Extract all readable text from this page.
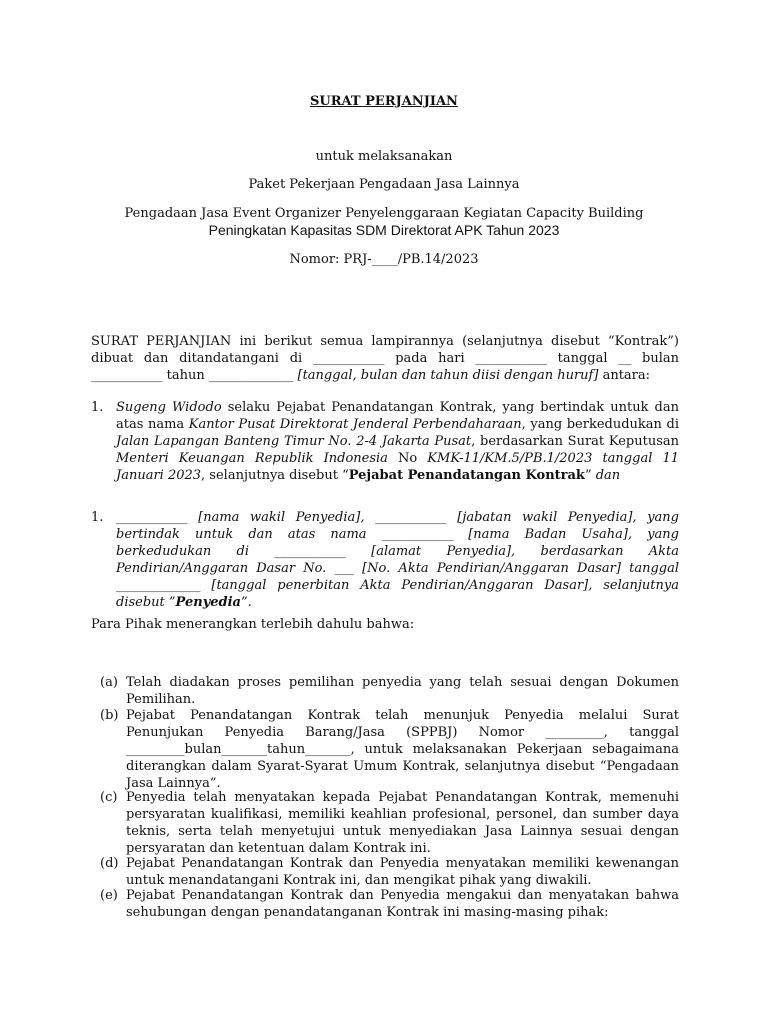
SURAT PERJANJIAN
untuk melaksanakan
Paket Pekerjaan Pengadaan Jasa Lainnya
Pengadaan Jasa Event Organizer Penyelenggaraan Kegiatan Capacity Building Peningkatan Kapasitas SDM Direktorat APK Tahun 2023
Nomor: PRJ-____/PB.14/2023
SURAT PERJANJIAN ini berikut semua lampirannya (selanjutnya disebut “Kontrak”) dibuat dan ditandatangani di ___________ pada hari ___________ tanggal __ bulan ___________ tahun _____________ [tanggal, bulan dan tahun diisi dengan huruf] antara:
1. Sugeng Widodo selaku Pejabat Penandatangan Kontrak, yang bertindak untuk dan atas nama Kantor Pusat Direktorat Jenderal Perbendaharaan, yang berkedudukan di Jalan Lapangan Banteng Timur No. 2-4 Jakarta Pusat, berdasarkan Surat Keputusan Menteri Keuangan Republik Indonesia No KMK-11/KM.5/PB.1/2023 tanggal 11 Januari 2023, selanjutnya disebut “Pejabat Penandatangan Kontrak” dan
1. ___________ [nama wakil Penyedia], ___________ [jabatan wakil Penyedia], yang bertindak untuk dan atas nama ___________ [nama Badan Usaha], yang berkedudukan di ___________ [alamat Penyedia], berdasarkan Akta Pendirian/Anggaran Dasar No. ___ [No. Akta Pendirian/Anggaran Dasar] tanggal _____________ [tanggal penerbitan Akta Pendirian/Anggaran Dasar], selanjutnya disebut ”Penyedia”.
Para Pihak menerangkan terlebih dahulu bahwa:
(a) Telah diadakan proses pemilihan penyedia yang telah sesuai dengan Dokumen Pemilihan.
(b) Pejabat Penandatangan Kontrak telah menunjuk Penyedia melalui Surat Penunjukan Penyedia Barang/Jasa (SPPBJ) Nomor _________, tanggal _________bulan_______tahun_______, untuk melaksanakan Pekerjaan sebagaimana diterangkan dalam Syarat-Syarat Umum Kontrak, selanjutnya disebut “Pengadaan Jasa Lainnya”.
(c) Penyedia telah menyatakan kepada Pejabat Penandatangan Kontrak, memenuhi persyaratan kualifikasi, memiliki keahlian profesional, personel, dan sumber daya teknis, serta telah menyetujui untuk menyediakan Jasa Lainnya sesuai dengan persyaratan dan ketentuan dalam Kontrak ini.
(d) Pejabat Penandatangan Kontrak dan Penyedia menyatakan memiliki kewenangan untuk menandatangani Kontrak ini, dan mengikat pihak yang diwakili.
(e) Pejabat Penandatangan Kontrak dan Penyedia mengakui dan menyatakan bahwa sehubungan dengan penandatanganan Kontrak ini masing-masing pihak:
